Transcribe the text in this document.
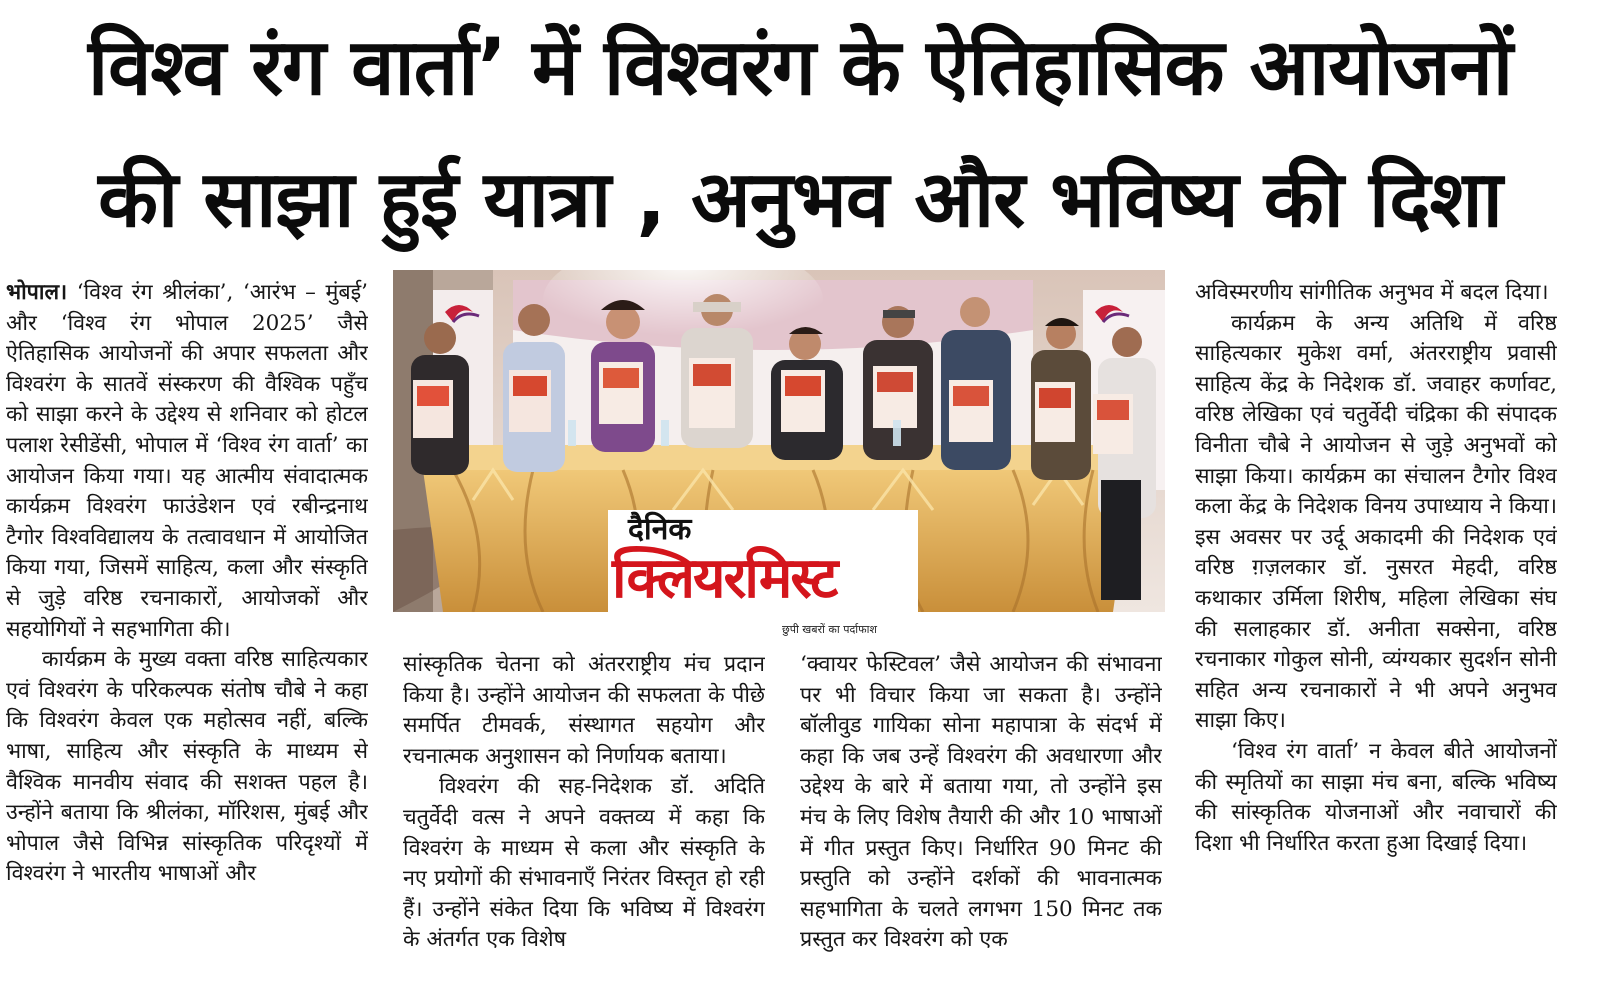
विश्व रंग वार्ता’ में विश्वरंग के ऐतिहासिक आयोजनों
की साझा हुई यात्रा , अनुभव और भविष्य की दिशा

भोपाल। ‘विश्व रंग श्रीलंका’, ‘आरंभ – मुंबई’ और ‘विश्व रंग भोपाल 2025’ जैसे ऐतिहासिक आयोजनों की अपार सफलता और विश्वरंग के सातवें संस्करण की वैश्विक पहुँच को साझा करने के उद्देश्य से शनिवार को होटल पलाश रेसीडेंसी, भोपाल में ‘विश्व रंग वार्ता’ का आयोजन किया गया। यह आत्मीय संवादात्मक कार्यक्रम विश्वरंग फाउंडेशन एवं रबीन्द्रनाथ टैगोर विश्वविद्यालय के तत्वावधान में आयोजित किया गया, जिसमें साहित्य, कला और संस्कृति से जुड़े वरिष्ठ रचनाकारों, आयोजकों और सहयोगियों ने सहभागिता की।

कार्यक्रम के मुख्य वक्ता वरिष्ठ साहित्यकार एवं विश्वरंग के परिकल्पक संतोष चौबे ने कहा कि विश्वरंग केवल एक महोत्सव नहीं, बल्कि भाषा, साहित्य और संस्कृति के माध्यम से वैश्विक मानवीय संवाद की सशक्त पहल है। उन्होंने बताया कि श्रीलंका, मॉरिशस, मुंबई और भोपाल जैसे विभिन्न सांस्कृतिक परिदृश्यों में विश्वरंग ने भारतीय भाषाओं और

दैनिक
क्लियरमिस्ट
छुपी खबरों का पर्दाफाश

सांस्कृतिक चेतना को अंतरराष्ट्रीय मंच प्रदान किया है। उन्होंने आयोजन की सफलता के पीछे समर्पित टीमवर्क, संस्थागत सहयोग और रचनात्मक अनुशासन को निर्णायक बताया।

विश्वरंग की सह-निदेशक डॉ. अदिति चतुर्वेदी वत्स ने अपने वक्तव्य में कहा कि विश्वरंग के माध्यम से कला और संस्कृति के नए प्रयोगों की संभावनाएँ निरंतर विस्तृत हो रही हैं। उन्होंने संकेत दिया कि भविष्य में विश्वरंग के अंतर्गत एक विशेष

‘क्वायर फेस्टिवल’ जैसे आयोजन की संभावना पर भी विचार किया जा सकता है। उन्होंने बॉलीवुड गायिका सोना महापात्रा के संदर्भ में कहा कि जब उन्हें विश्वरंग की अवधारणा और उद्देश्य के बारे में बताया गया, तो उन्होंने इस मंच के लिए विशेष तैयारी की और 10 भाषाओं में गीत प्रस्तुत किए। निर्धारित 90 मिनट की प्रस्तुति को उन्होंने दर्शकों की भावनात्मक सहभागिता के चलते लगभग 150 मिनट तक प्रस्तुत कर विश्वरंग को एक

अविस्मरणीय सांगीतिक अनुभव में बदल दिया।

कार्यक्रम के अन्य अतिथि में वरिष्ठ साहित्यकार मुकेश वर्मा, अंतरराष्ट्रीय प्रवासी साहित्य केंद्र के निदेशक डॉ. जवाहर कर्णावट, वरिष्ठ लेखिका एवं चतुर्वेदी चंद्रिका की संपादक विनीता चौबे ने आयोजन से जुड़े अनुभवों को साझा किया। कार्यक्रम का संचालन टैगोर विश्व कला केंद्र के निदेशक विनय उपाध्याय ने किया। इस अवसर पर उर्दू अकादमी की निदेशक एवं वरिष्ठ ग़ज़लकार डॉ. नुसरत मेहदी, वरिष्ठ कथाकार उर्मिला शिरीष, महिला लेखिका संघ की सलाहकार डॉ. अनीता सक्सेना, वरिष्ठ रचनाकार गोकुल सोनी, व्यंग्यकार सुदर्शन सोनी सहित अन्य रचनाकारों ने भी अपने अनुभव साझा किए।

‘विश्व रंग वार्ता’ न केवल बीते आयोजनों की स्मृतियों का साझा मंच बना, बल्कि भविष्य की सांस्कृतिक योजनाओं और नवाचारों की दिशा भी निर्धारित करता हुआ दिखाई दिया।
